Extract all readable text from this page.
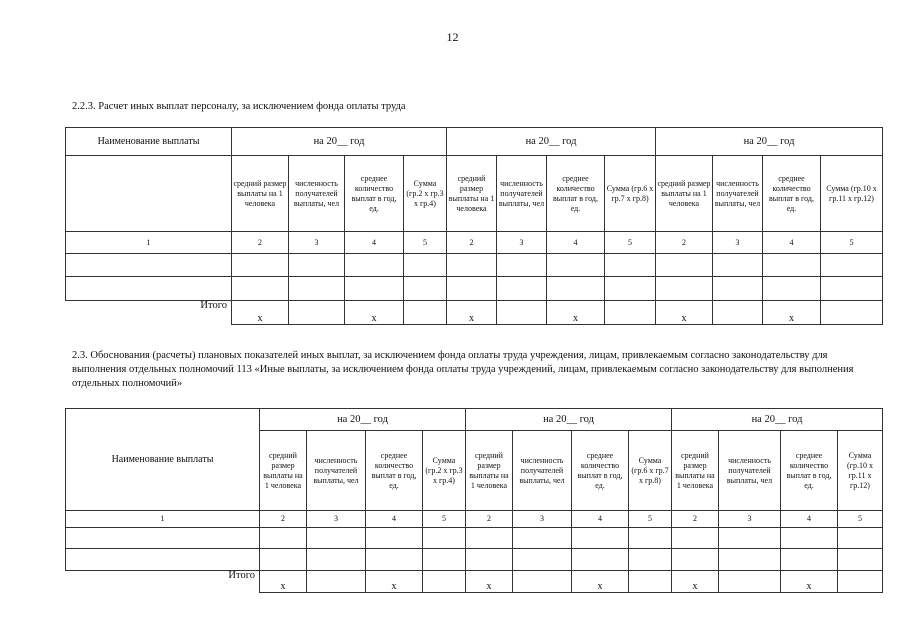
12
2.2.3. Расчет иных выплат персоналу, за исключением фонда оплаты труда
Наименование выплаты	на 20__ год				на 20__ год				на 20__ год			
	средний размер выплаты на 1 человека	численность получателей выплаты, чел	среднее количество выплат в год, ед.	Сумма (гр.2 х гр.3 х гр.4)	средний размер выплаты на 1 человека	численность получателей выплаты, чел	среднее количество выплат в год, ед.	Сумма (гр.6 х гр.7 х гр.8)	средний размер выплаты на 1 человека	численность получателей выплаты, чел	среднее количество выплат в год, ед.	Сумма (гр.10 х гр.11 х гр.12)
1	2	3	4	5	2	3	4	5	2	3	4	5

Итого	х		х		х		х		х		х	
2.3. Обоснования (расчеты) плановых показателей иных выплат, за исключением фонда оплаты труда учреждения, лицам, привлекаемым согласно законодательству для выполнения отдельных полномочий 113 «Иные выплаты, за исключением фонда оплаты труда учреждений, лицам, привлекаемым согласно законодательству для выполнения отдельных полномочий»
Наименование выплаты	на 20__ год				на 20__ год				на 20__ год			
	средний размер выплаты на 1 человека	численность получателей выплаты, чел	среднее количество выплат в год, ед.	Сумма (гр.2 х гр.3 х гр.4)	средний размер выплаты на 1 человека	численность получателей выплаты, чел	среднее количество выплат в год, ед.	Сумма (гр.6 х гр.7 х гр.8)	средний размер выплаты на 1 человека	численность получателей выплаты, чел	среднее количество выплат в год, ед.	Сумма (гр.10 х гр.11 х гр.12)
1	2	3	4	5	2	3	4	5	2	3	4	5

Итого	х		х		х		х		х		х	
